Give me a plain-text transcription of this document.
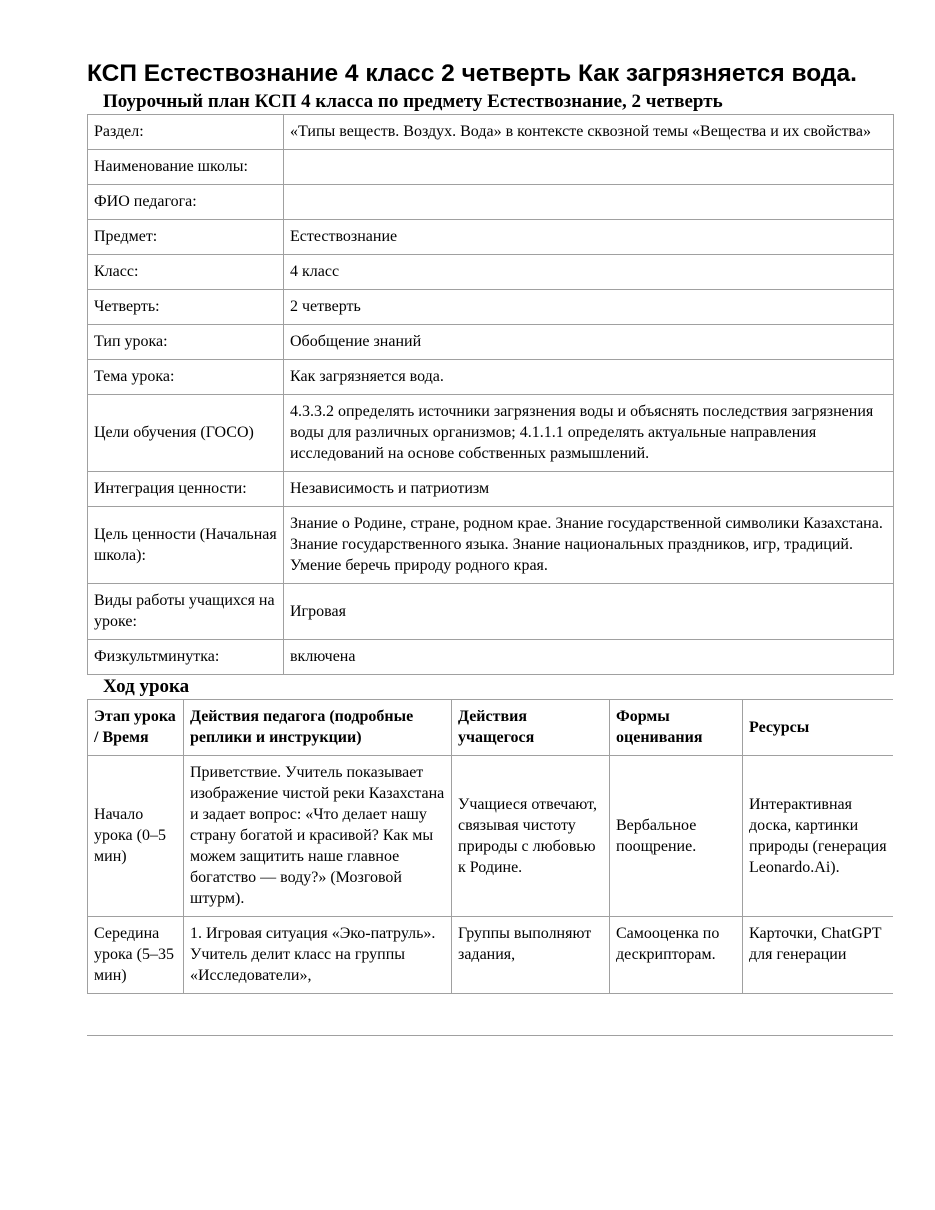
КСП Естествознание 4 класс 2 четверть Как загрязняется вода.
Поурочный план КСП 4 класса по предмету Естествознание, 2 четверть
Раздел:	«Типы веществ. Воздух. Вода» в контексте сквозной темы «Вещества и их свойства»
Наименование школы:	
ФИО педагога:	
Предмет:	Естествознание
Класс:	4 класс
Четверть:	2 четверть
Тип урока:	Обобщение знаний
Тема урока:	Как загрязняется вода.
Цели обучения (ГОСО)	4.3.3.2 определять источники загрязнения воды и объяснять последствия загрязнения воды для различных организмов; 4.1.1.1 определять актуальные направления исследований на основе собственных размышлений.
Интеграция ценности:	Независимость и патриотизм
Цель ценности (Начальная школа):	Знание о Родине, стране, родном крае. Знание государственной символики Казахстана. Знание государственного языка. Знание национальных праздников, игр, традиций. Умение беречь природу родного края.
Виды работы учащихся на уроке:	Игровая
Физкультминутка:	включена
Ход урока
Этап урока / Время	Действия педагога (подробные реплики и инструкции)	Действия учащегося	Формы оценивания	Ресурсы
Начало урока (0–5 мин)	Приветствие. Учитель показывает изображение чистой реки Казахстана и задает вопрос: «Что делает нашу страну богатой и красивой? Как мы можем защитить наше главное богатство — воду?» (Мозговой штурм).	Учащиеся отвечают, связывая чистоту природы с любовью к Родине.	Вербальное поощрение.	Интерактивная доска, картинки природы (генерация Leonardo.Ai).
Середина урока (5–35 мин)	1. Игровая ситуация «Эко-патруль». Учитель делит класс на группы «Исследователи»,	Группы выполняют задания,	Самооценка по дескрипторам.	Карточки, ChatGPT для генерации
